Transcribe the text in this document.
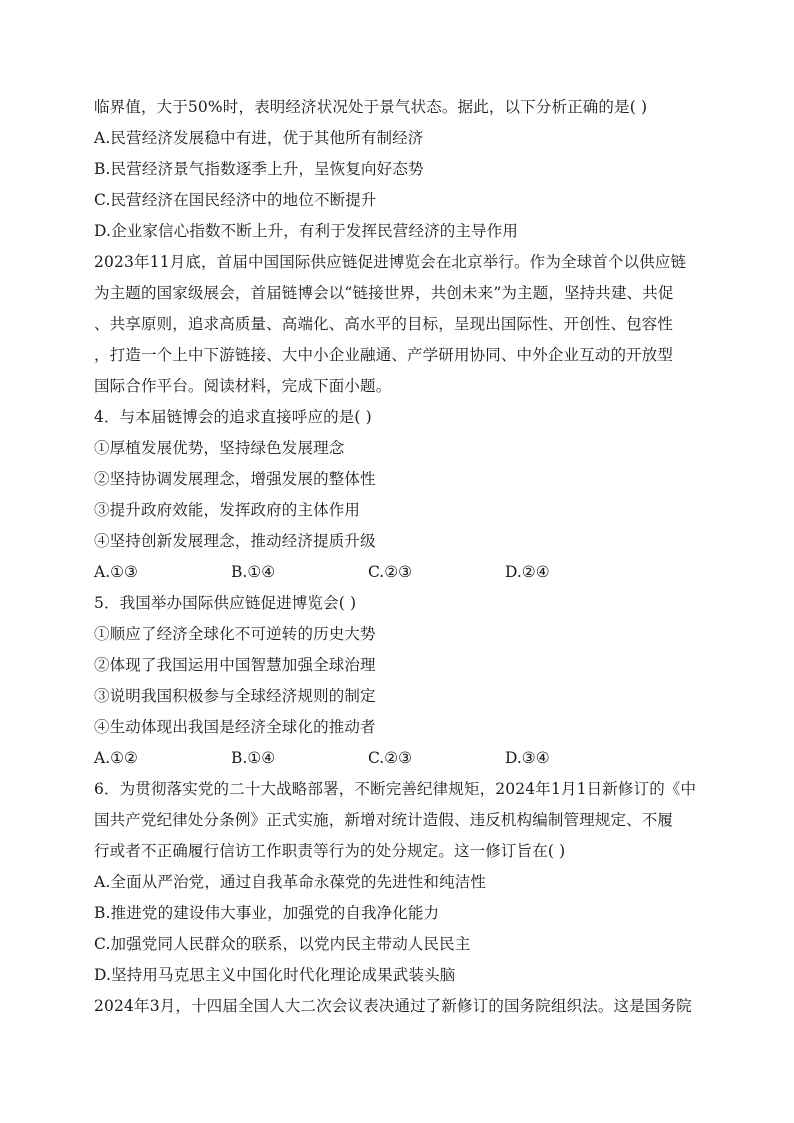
临界值，大于50%时，表明经济状况处于景气状态。据此，以下分析正确的是( )
A.民营经济发展稳中有进，优于其他所有制经济
B.民营经济景气指数逐季上升，呈恢复向好态势
C.民营经济在国民经济中的地位不断提升
D.企业家信心指数不断上升，有利于发挥民营经济的主导作用
2023年11月底，首届中国国际供应链促进博览会在北京举行。作为全球首个以供应链
为主题的国家级展会，首届链博会以“链接世界，共创未来”为主题，坚持共建、共促
、共享原则，追求高质量、高端化、高水平的目标，呈现出国际性、开创性、包容性
，打造一个上中下游链接、大中小企业融通、产学研用协同、中外企业互动的开放型
国际合作平台。阅读材料，完成下面小题。
4．与本届链博会的追求直接呼应的是( )
①厚植发展优势，坚持绿色发展理念
②坚持协调发展理念，增强发展的整体性
③提升政府效能，发挥政府的主体作用
④坚持创新发展理念，推动经济提质升级
A.①③	B.①④	C.②③	D.②④
5．我国举办国际供应链促进博览会( )
①顺应了经济全球化不可逆转的历史大势
②体现了我国运用中国智慧加强全球治理
③说明我国积极参与全球经济规则的制定
④生动体现出我国是经济全球化的推动者
A.①②	B.①④	C.②③	D.③④
6．为贯彻落实党的二十大战略部署，不断完善纪律规矩，2024年1月1日新修订的《中
国共产党纪律处分条例》正式实施，新增对统计造假、违反机构编制管理规定、不履
行或者不正确履行信访工作职责等行为的处分规定。这一修订旨在( )
A.全面从严治党，通过自我革命永葆党的先进性和纯洁性
B.推进党的建设伟大事业，加强党的自我净化能力
C.加强党同人民群众的联系，以党内民主带动人民民主
D.坚持用马克思主义中国化时代化理论成果武装头脑
2024年3月，十四届全国人大二次会议表决通过了新修订的国务院组织法。这是国务院
